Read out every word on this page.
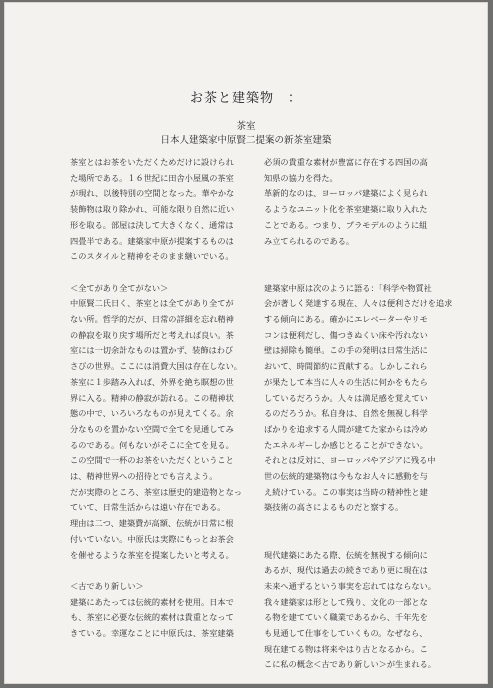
お茶と建築物　：
茶室
日本人建築家中原賢二提案の新茶室建築

茶室とはお茶をいただくためだけに設けられ

た場所である。１６世紀に田舎小屋風の茶室

が現れ、以後特別の空間となった。華やかな

装飾物は取り除かれ、可能な限り自然に近い

形を取る。部屋は決して大きくなく、通常は

四畳半である。建築家中原が提案するものは

このスタイルと精神をそのまま継いでいる。

＜全てがあり全てがない＞

中原賢二氏日く、茶室とは全てがあり全てが

ない所。哲学的だが、日常の詳細を忘れ精神

の静寂を取り戻す場所だと考えれば良い。茶

室には一切余計なものは置かず、装飾はわび

さびの世界。ここには消費大国は存在しない。

茶室に１歩踏み入れば、外界を絶ち瞑想の世

界に入る。精神の静寂が訪れる。この精神状

態の中で、いろいろなものが見えてくる。余

分なものを置かない空間で全てを見通してみ

るのである。何もないがそこに全てを見る。

この空間で一杯のお茶をいただくということ

は、精神世界への招待とでも言えよう。

だが実際のところ、茶室は歴史的建造物となっ

ていて、日常生活からは遠い存在である。

理由は二つ、建築費が高額、伝統が日常に根

付いていない。中原氏は実際にもっとお茶会

を催せるような茶室を提案したいと考える。

＜古であり新しい＞

建築にあたっては伝統的素材を使用。日本で

も、茶室に必要な伝統的素材は貴重となって

きている。幸運なことに中原氏は、茶室建築

必須の貴重な素材が豊富に存在する四国の高

知県の協力を得た。

革新的なのは、ヨーロッパ建築によく見られ

るようなユニット化を茶室建築に取り入れた

ことである。つまり、プラモデルのように組

み立てられるのである。

建築家中原は次のように語る：｢科学や物質社

会が著しく発達する現在、人々は便利さだけを追求

する傾向にある。確かにエレベーターやリモ

コンは便利だし、傷つきぬくい床や汚れない

壁は掃除も簡単。この手の発明は日常生活に

おいて、時間節約に貢献する。しかしこれら

が果たして本当に人々の生活に何かをもたら

しているだろうか。人々は満足感を覚えてい

るのだろうか。私自身は、自然を無視し科学

ばかりを追求する人間が建てた家からは冷め

たエネルギーしか感じとることができない。

それとは反対に、ヨーロッパやアジアに残る中

世の伝統的建築物は今もなお人々に感動を与

え続けている。この事実は当時の精神性と建

築技術の高さによるものだと察する。

現代建築にあたる際、伝統を無視する傾向に

あるが、現代は過去の続きであり更に現在は

未来へ通ずるという事実を忘れてはならない。

我々建築家は形として残り、文化の一部とな

る物を建てていく職業であるから、千年先を

も見通して仕事をしていくもの。なぜなら、

現在建てる物は将来やはり古となるから。こ

こに私の概念＜古であり新しい＞が生まれる。
